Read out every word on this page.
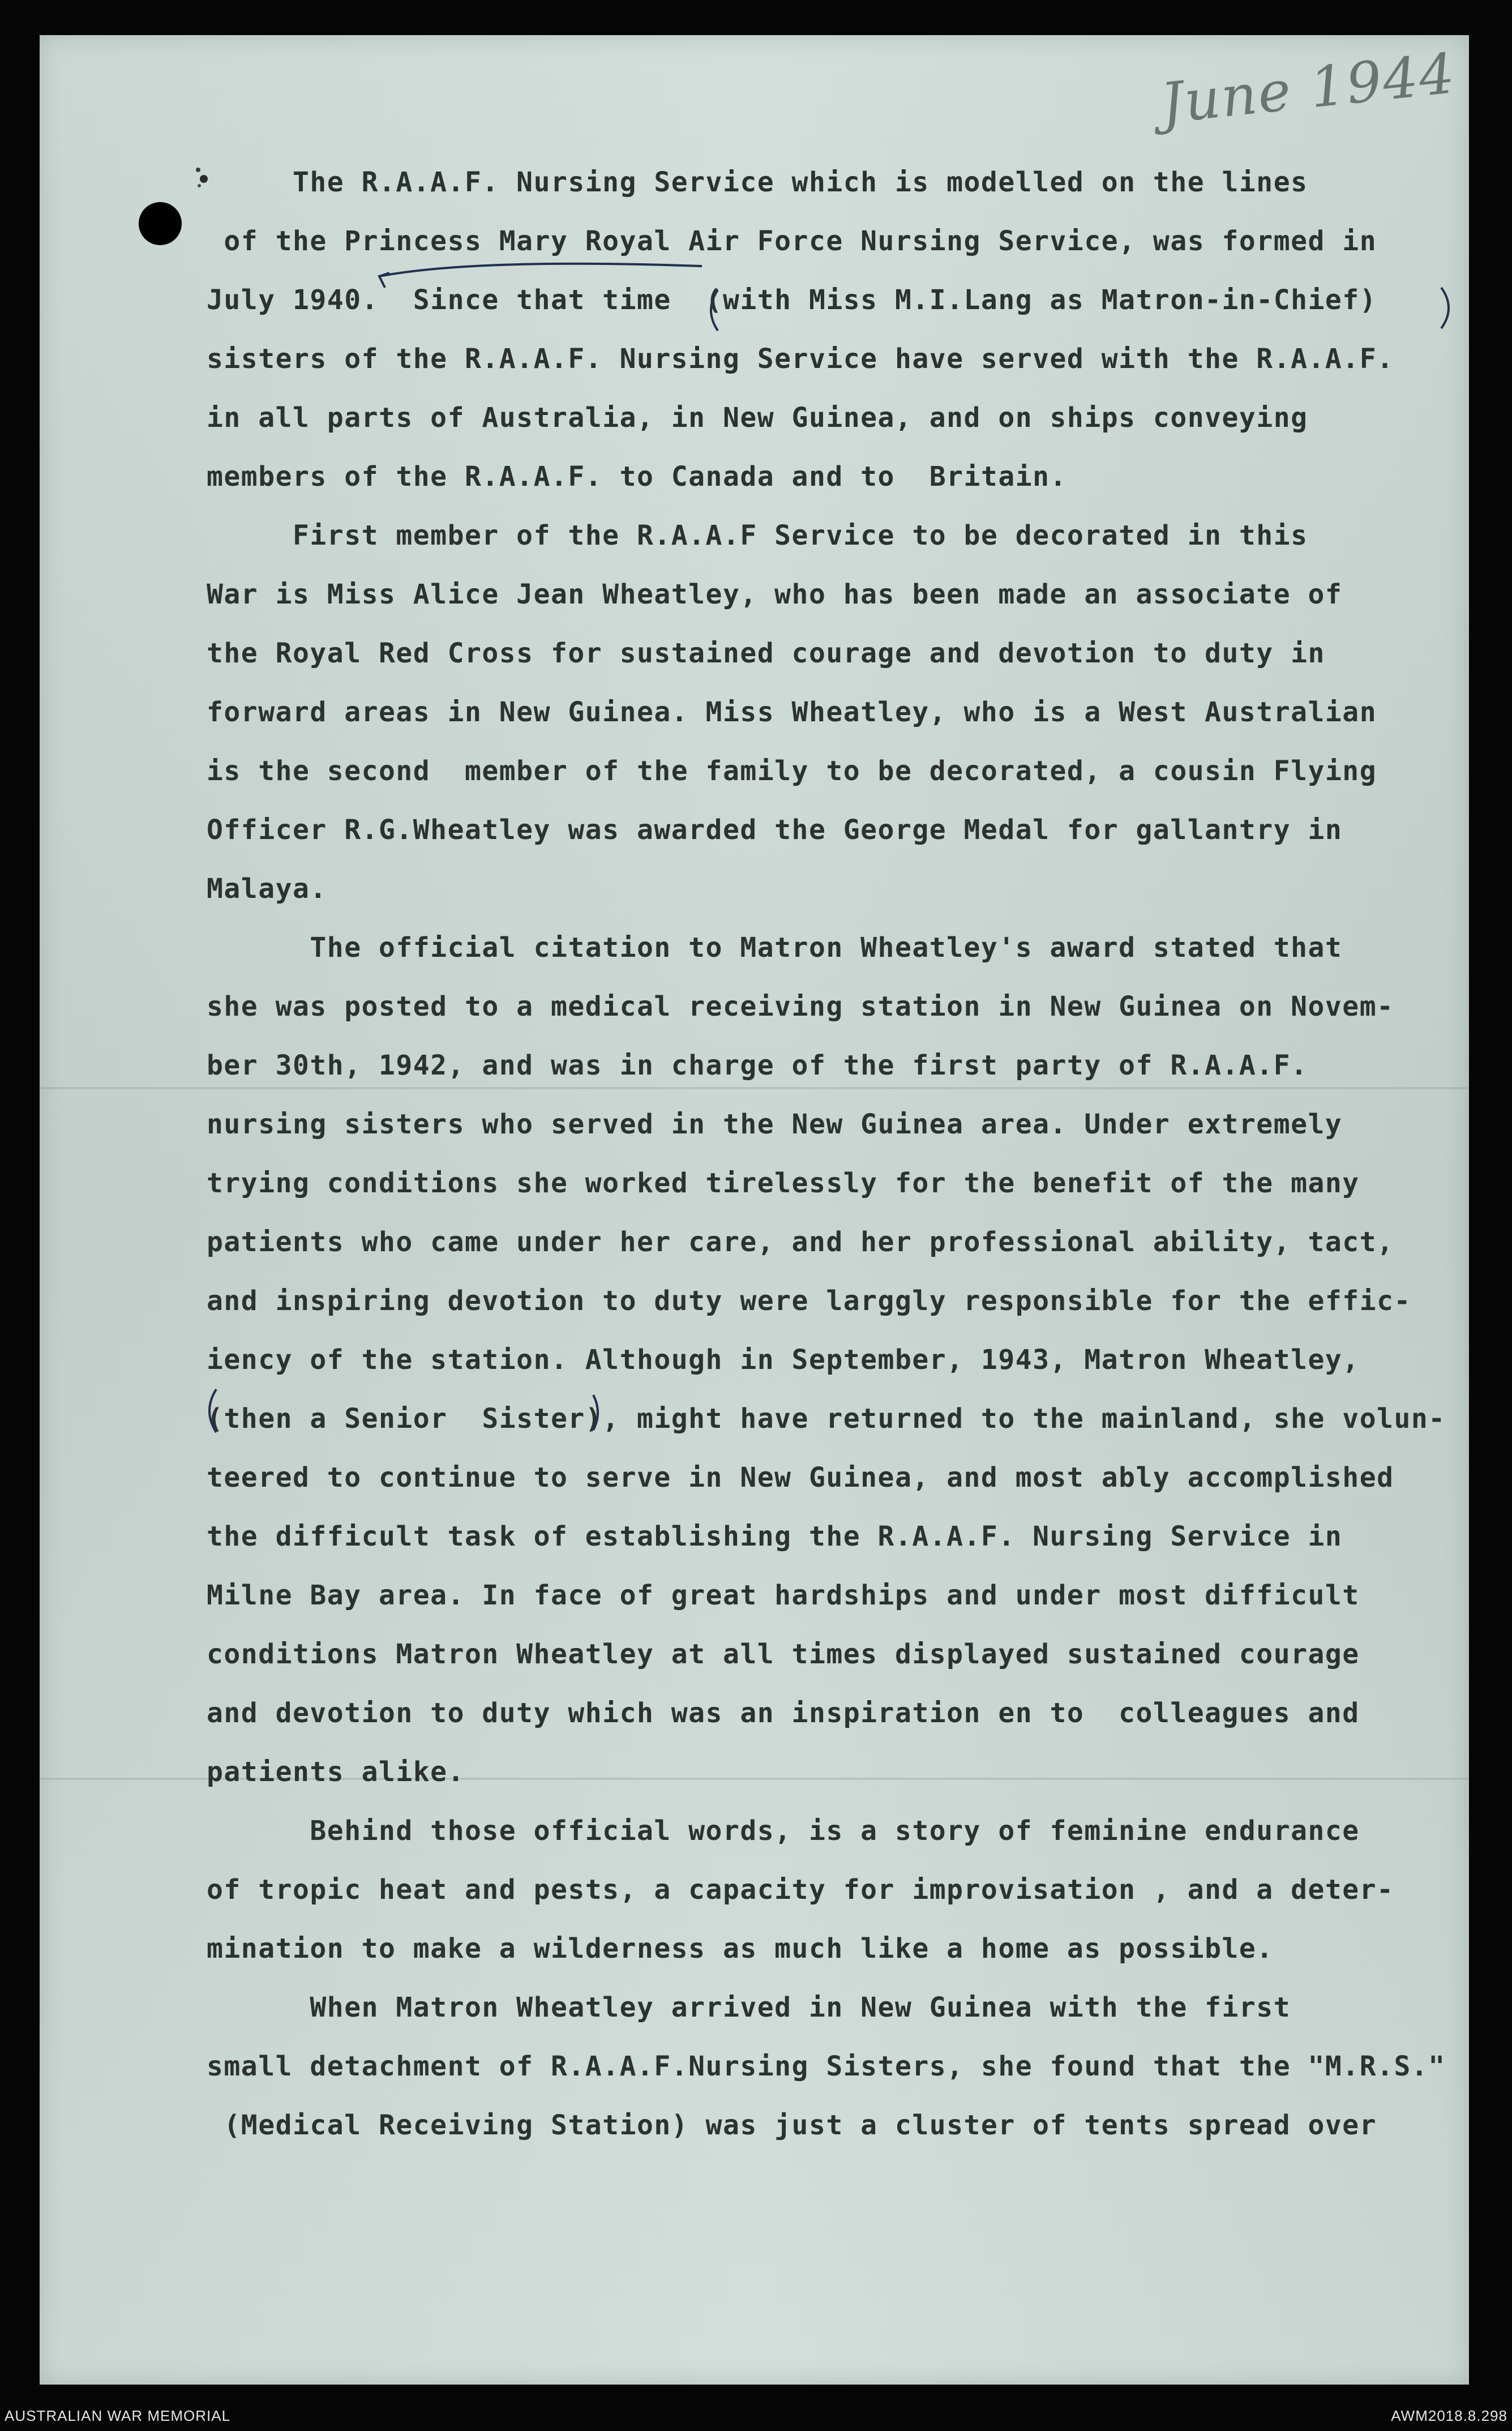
June 1944
The R.A.A.F. Nursing Service which is modelled on the lines
of the Princess Mary Royal Air Force Nursing Service, was formed in
July 1940.  Since that time  (with Miss M.I.Lang as Matron-in-Chief)
sisters of the R.A.A.F. Nursing Service have served with the R.A.A.F.
in all parts of Australia, in New Guinea, and on ships conveying
members of the R.A.A.F. to Canada and to  Britain.
First member of the R.A.A.F Service to be decorated in this
War is Miss Alice Jean Wheatley, who has been made an associate of
the Royal Red Cross for sustained courage and devotion to duty in
forward areas in New Guinea. Miss Wheatley, who is a West Australian
is the second  member of the family to be decorated, a cousin Flying
Officer R.G.Wheatley was awarded the George Medal for gallantry in
Malaya.
The official citation to Matron Wheatley's award stated that
she was posted to a medical receiving station in New Guinea on Novem-
ber 30th, 1942, and was in charge of the first party of R.A.A.F.
nursing sisters who served in the New Guinea area. Under extremely
trying conditions she worked tirelessly for the benefit of the many
patients who came under her care, and her professional ability, tact,
and inspiring devotion to duty were larggly responsible for the effic-
iency of the station. Although in September, 1943, Matron Wheatley,
(then a Senior  Sister), might have returned to the mainland, she volun-
teered to continue to serve in New Guinea, and most ably accomplished
the difficult task of establishing the R.A.A.F. Nursing Service in
Milne Bay area. In face of great hardships and under most difficult
conditions Matron Wheatley at all times displayed sustained courage
and devotion to duty which was an inspiration en to  colleagues and
patients alike.
Behind those official words, is a story of feminine endurance
of tropic heat and pests, a capacity for improvisation , and a deter-
mination to make a wilderness as much like a home as possible.
When Matron Wheatley arrived in New Guinea with the first
small detachment of R.A.A.F.Nursing Sisters, she found that the "M.R.S."
(Medical Receiving Station) was just a cluster of tents spread over
AUSTRALIAN WAR MEMORIAL	AWM2018.8.298
